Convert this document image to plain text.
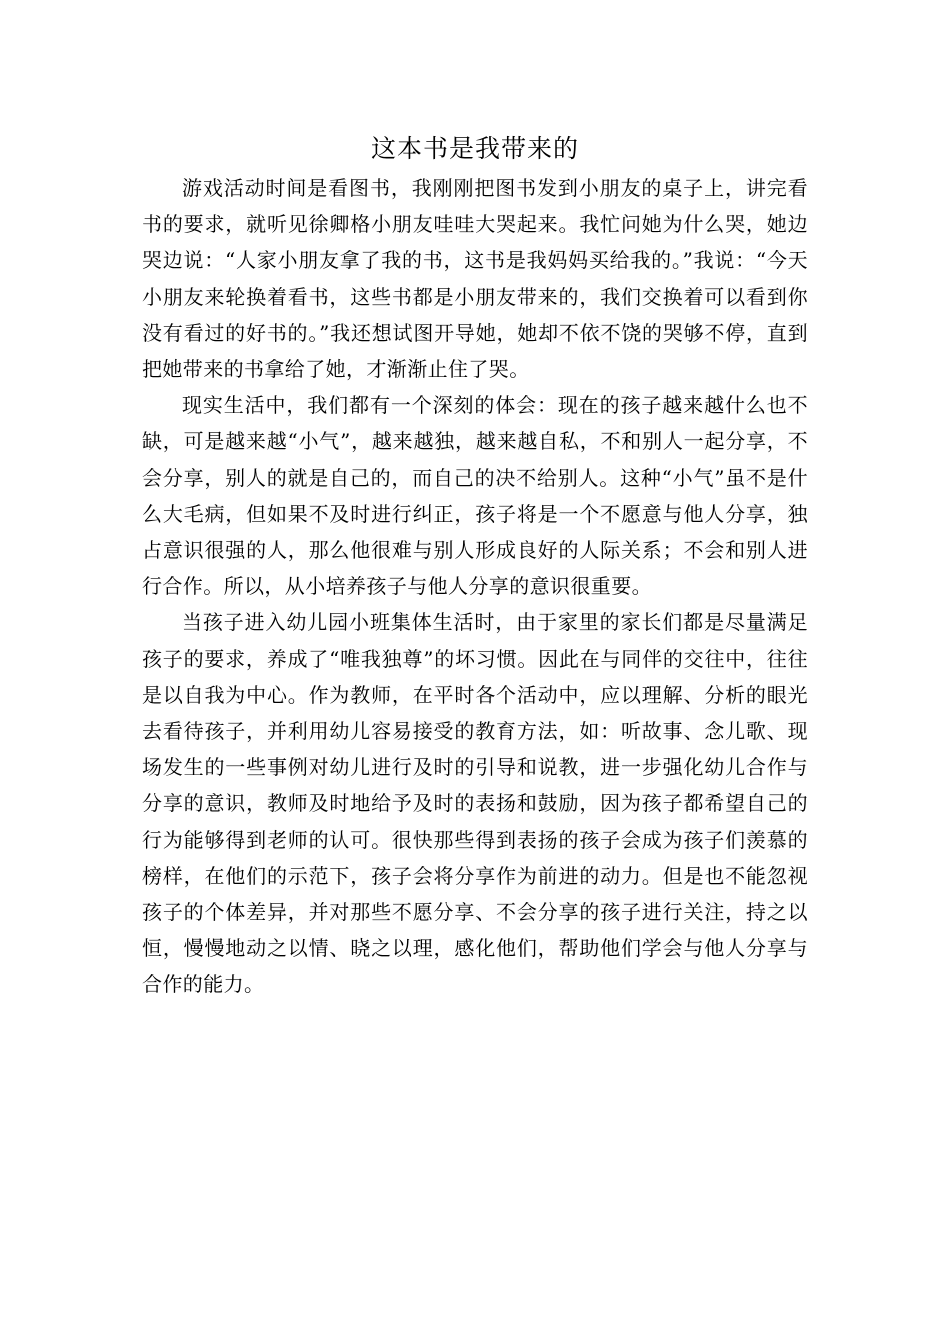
这本书是我带来的

游戏活动时间是看图书，我刚刚把图书发到小朋友的桌子上，讲完看书的要求，就听见徐卿格小朋友哇哇大哭起来。我忙问她为什么哭，她边哭边说：“人家小朋友拿了我的书，这书是我妈妈买给我的。”我说：“今天小朋友来轮换着看书，这些书都是小朋友带来的，我们交换着可以看到你没有看过的好书的。”我还想试图开导她，她却不依不饶的哭够不停，直到把她带来的书拿给了她，才渐渐止住了哭。

现实生活中，我们都有一个深刻的体会：现在的孩子越来越什么也不缺，可是越来越“小气”，越来越独，越来越自私，不和别人一起分享，不会分享，别人的就是自己的，而自己的决不给别人。这种“小气”虽不是什么大毛病，但如果不及时进行纠正，孩子将是一个不愿意与他人分享，独占意识很强的人，那么他很难与别人形成良好的人际关系；不会和别人进行合作。所以，从小培养孩子与他人分享的意识很重要。

当孩子进入幼儿园小班集体生活时，由于家里的家长们都是尽量满足孩子的要求，养成了“唯我独尊”的坏习惯。因此在与同伴的交往中，往往是以自我为中心。作为教师，在平时各个活动中，应以理解、分析的眼光去看待孩子，并利用幼儿容易接受的教育方法，如：听故事、念儿歌、现场发生的一些事例对幼儿进行及时的引导和说教，进一步强化幼儿合作与分享的意识，教师及时地给予及时的表扬和鼓励，因为孩子都希望自己的行为能够得到老师的认可。很快那些得到表扬的孩子会成为孩子们羡慕的榜样，在他们的示范下，孩子会将分享作为前进的动力。但是也不能忽视孩子的个体差异，并对那些不愿分享、不会分享的孩子进行关注，持之以恒，慢慢地动之以情、晓之以理，感化他们，帮助他们学会与他人分享与合作的能力。
